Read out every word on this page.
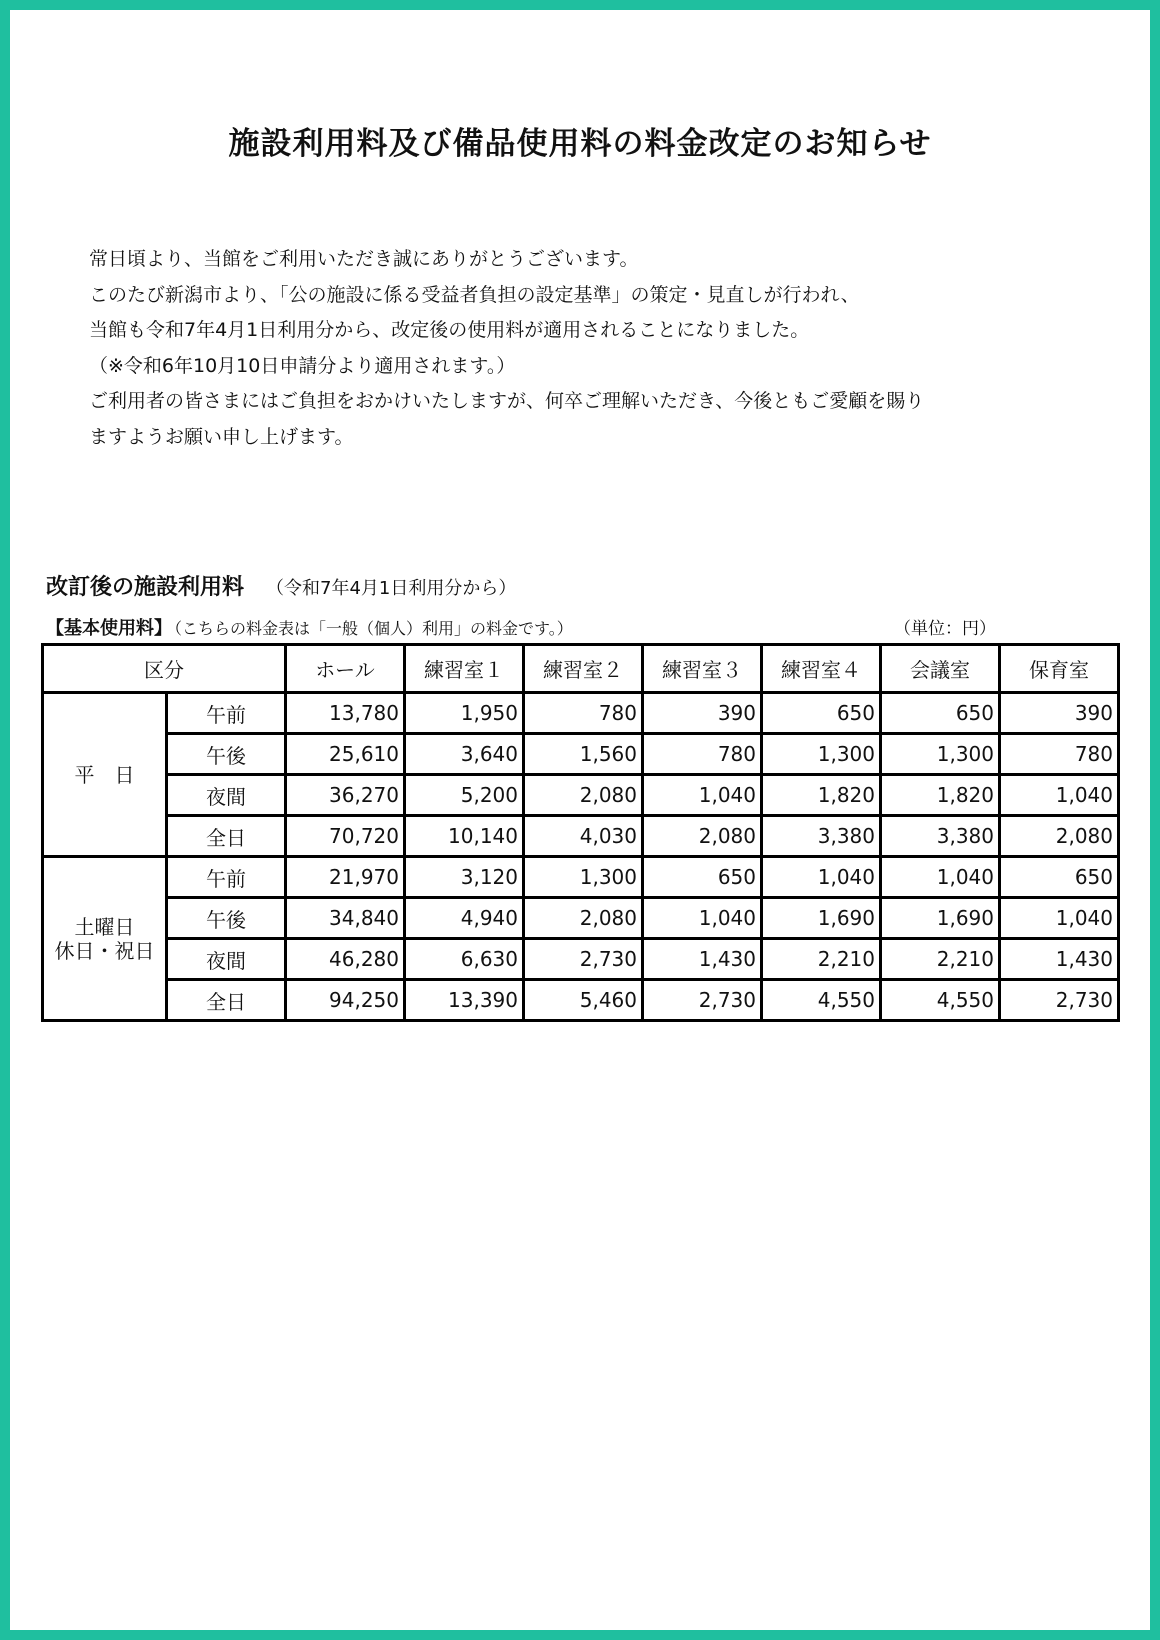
施設利用料及び備品使用料の料金改定のお知らせ

常日頃より、当館をご利用いただき誠にありがとうございます。

このたび新潟市より、「公の施設に係る受益者負担の設定基準」の策定・見直しが行われ、

当館も令和7年4月1日利用分から、改定後の使用料が適用されることになりました。

（※令和6年10月10日申請分より適用されます。）

ご利用者の皆さまにはご負担をおかけいたしますが、何卒ご理解いただき、今後ともご愛顧を賜り

ますようお願い申し上げます。

改訂後の施設利用料 （令和7年4月1日利用分から）
【基本使用料】 （こちらの料金表は「一般（個人）利用」の料金です。）	（単位：円）
区分		ホール	練習室１	練習室２	練習室３	練習室４	会議室	保育室
平　日	午前	13,780	1,950	780	390	650	650	390
	午後	25,610	3,640	1,560	780	1,300	1,300	780
	夜間	36,270	5,200	2,080	1,040	1,820	1,820	1,040
	全日	70,720	10,140	4,030	2,080	3,380	3,380	2,080
土曜日
休日・祝日	午前	21,970	3,120	1,300	650	1,040	1,040	650
	午後	34,840	4,940	2,080	1,040	1,690	1,690	1,040
	夜間	46,280	6,630	2,730	1,430	2,210	2,210	1,430
	全日	94,250	13,390	5,460	2,730	4,550	4,550	2,730
